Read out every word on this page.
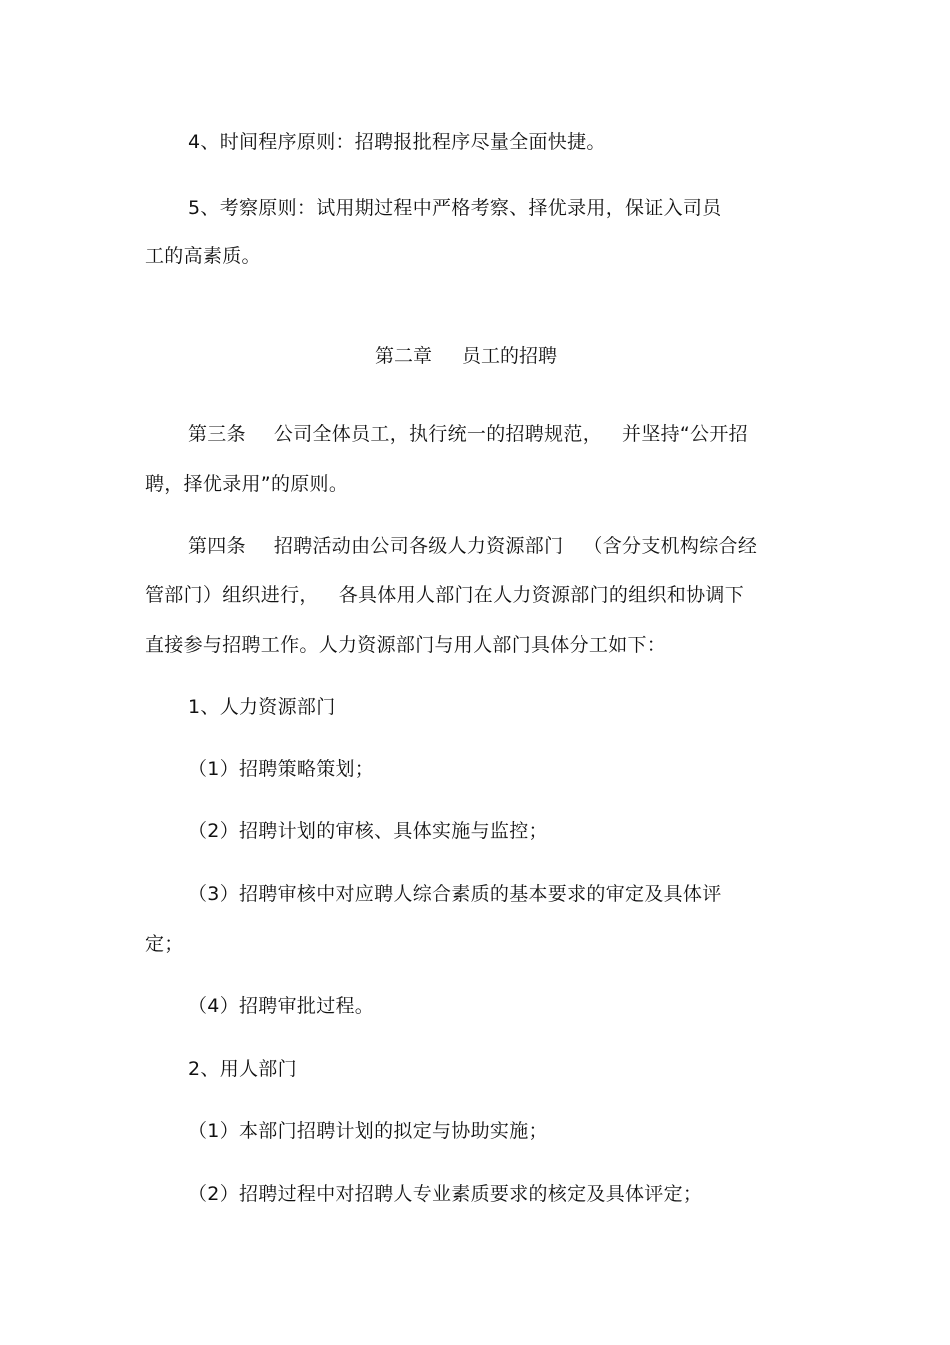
4、时间程序原则：招聘报批程序尽量全面快捷。
5、考察原则：试用期过程中严格考察、择优录用，保证入司员
工的高素质。
第二章 员工的招聘
第三条 公司全体员工，执行统一的招聘规范， 并坚持“公开招
聘，择优录用”的原则。
第四条 招聘活动由公司各级人力资源部门 （含分支机构综合经
管部门）组织进行， 各具体用人部门在人力资源部门的组织和协调下
直接参与招聘工作。人力资源部门与用人部门具体分工如下：
1、人力资源部门
（1）招聘策略策划；
（2）招聘计划的审核、具体实施与监控；
（3）招聘审核中对应聘人综合素质的基本要求的审定及具体评
定；
（4）招聘审批过程。
2、用人部门
（1）本部门招聘计划的拟定与协助实施；
（2）招聘过程中对招聘人专业素质要求的核定及具体评定；
